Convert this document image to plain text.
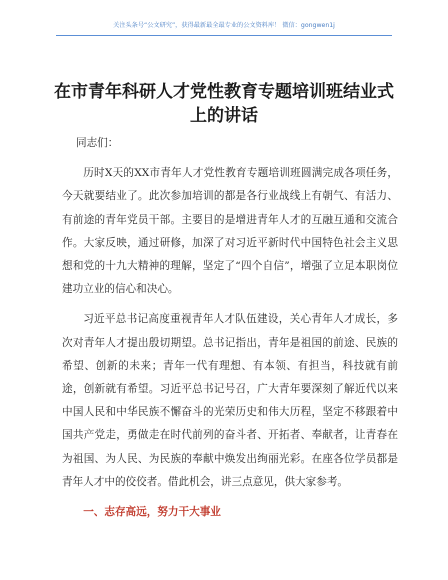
关注头条号“公文研究”，获得最新最全最专业的公文资料库！ 微信：gongwen1j
在市青年科研人才党性教育专题培训班结业式上的讲话

同志们：

历时X天的XX市青年人才党性教育专题培训班圆满完成各项任务，今天就要结业了。此次参加培训的都是各行业战线上有朝气、有活力、有前途的青年党员干部。主要目的是增进青年人才的互融互通和交流合作。大家反映，通过研修，加深了对习近平新时代中国特色社会主义思想和党的十九大精神的理解，坚定了“四个自信”，增强了立足本职岗位建功立业的信心和决心。

习近平总书记高度重视青年人才队伍建设，关心青年人才成长，多次对青年人才提出殷切期望。总书记指出，青年是祖国的前途、民族的希望、创新的未来；青年一代有理想、有本领、有担当，科技就有前途，创新就有希望。习近平总书记号召，广大青年要深刻了解近代以来中国人民和中华民族不懈奋斗的光荣历史和伟大历程，坚定不移跟着中国共产党走，勇做走在时代前列的奋斗者、开拓者、奉献者，让青春在为祖国、为人民、为民族的奉献中焕发出绚丽光彩。在座各位学员都是青年人才中的佼佼者。借此机会，讲三点意见，供大家参考。

一、志存高远，努力干大事业
